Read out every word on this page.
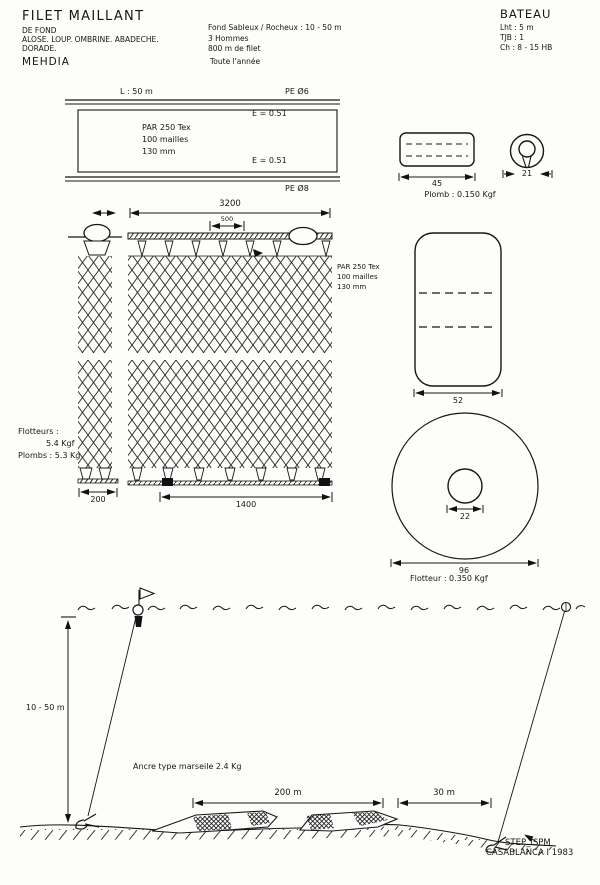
FILET MAILLANT
DE FOND
ALOSE. LOUP. OMBRINE. ABADECHE.
DORADE.
MEHDIA
Fond Sableux / Rocheux : 10 - 50 m
3 Hommes
800 m de filet
Toute l'année
BATEAU
Lht : 5 m
TJB : 1
Ch : 8 - 15 HB
L : 50 m	PE Ø6
E = 0.51
PAR 250 Tex
100 mailles
130 mm
E = 0.51
PE Ø8
3200
500
PAR 250 Tex
100 mailles
130 mm
Flotteurs :
5.4 Kgf
Plombs : 5.3 Kg
200
1400
45
Plomb : 0.150 Kgf
21
52
22
96
Flotteur : 0.350 Kgf
10 - 50 m
Ancre type marseile 2.4 Kg
200 m	30 m
STEP_ISPM
CASABLANCA I 1983
